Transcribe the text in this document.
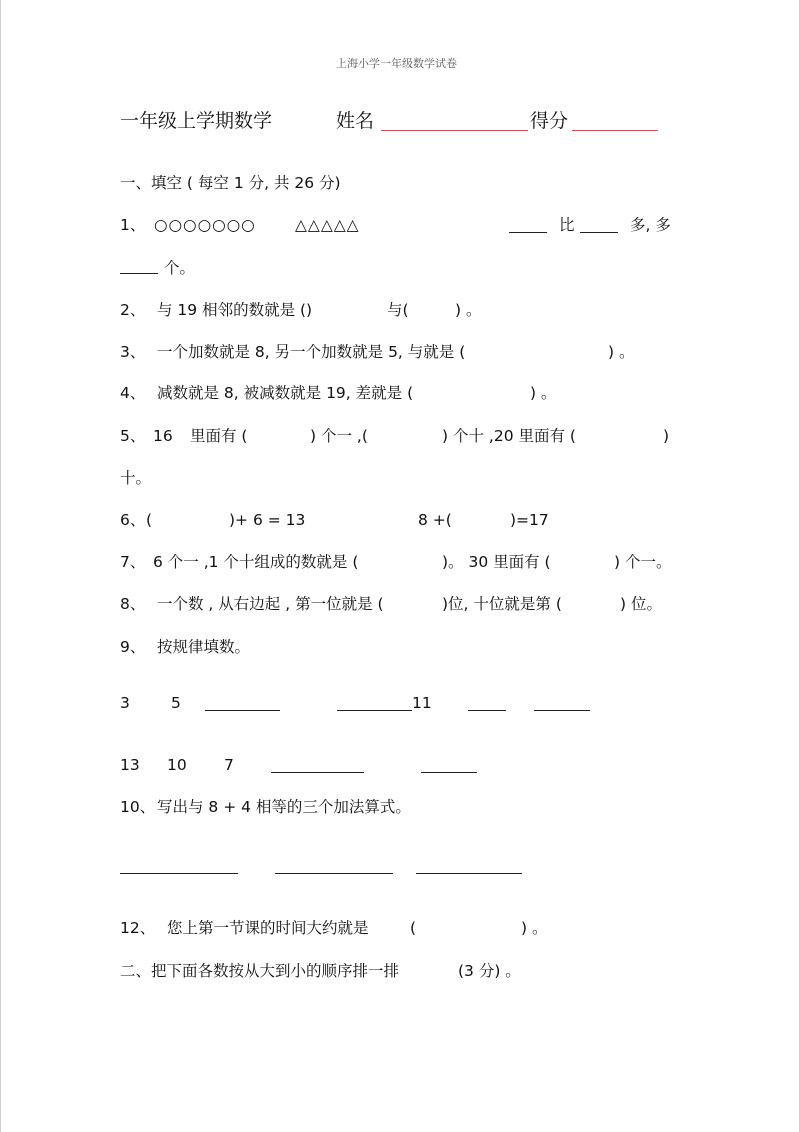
上海小学一年级数学试卷
一年级上学期数学	姓名	得分
一、填空 ( 每空 1 分, 共 26 分)
1、 ○○○○○○○	△△△△△	比	多, 多
个。
2、 与 19 相邻的数就是 ()	与(	) 。
3、 一个加数就是 8, 另一个加数就是 5, 与就是 (	) 。
4、 减数就是 8, 被减数就是 19, 差就是 (	) 。
5、 16 里面有 (	) 个一 ,(	) 个十 ,20 里面有 (	)
十。
6、 (	)+ 6 = 13	8 +(	)=17
7、 6 个一 ,1 个十组成的数就是 (	)。 30 里面有 (	) 个一。
8、 一个数 , 从右边起 , 第一位就是 (	)位, 十位就是第 (	) 位。
9、 按规律填数。
3	5	11
13 10 7
10、 写出与 8 + 4 相等的三个加法算式。
12、 您上第一节课的时间大约就是	(	) 。
二、把下面各数按从大到小的顺序排一排	(3 分) 。
